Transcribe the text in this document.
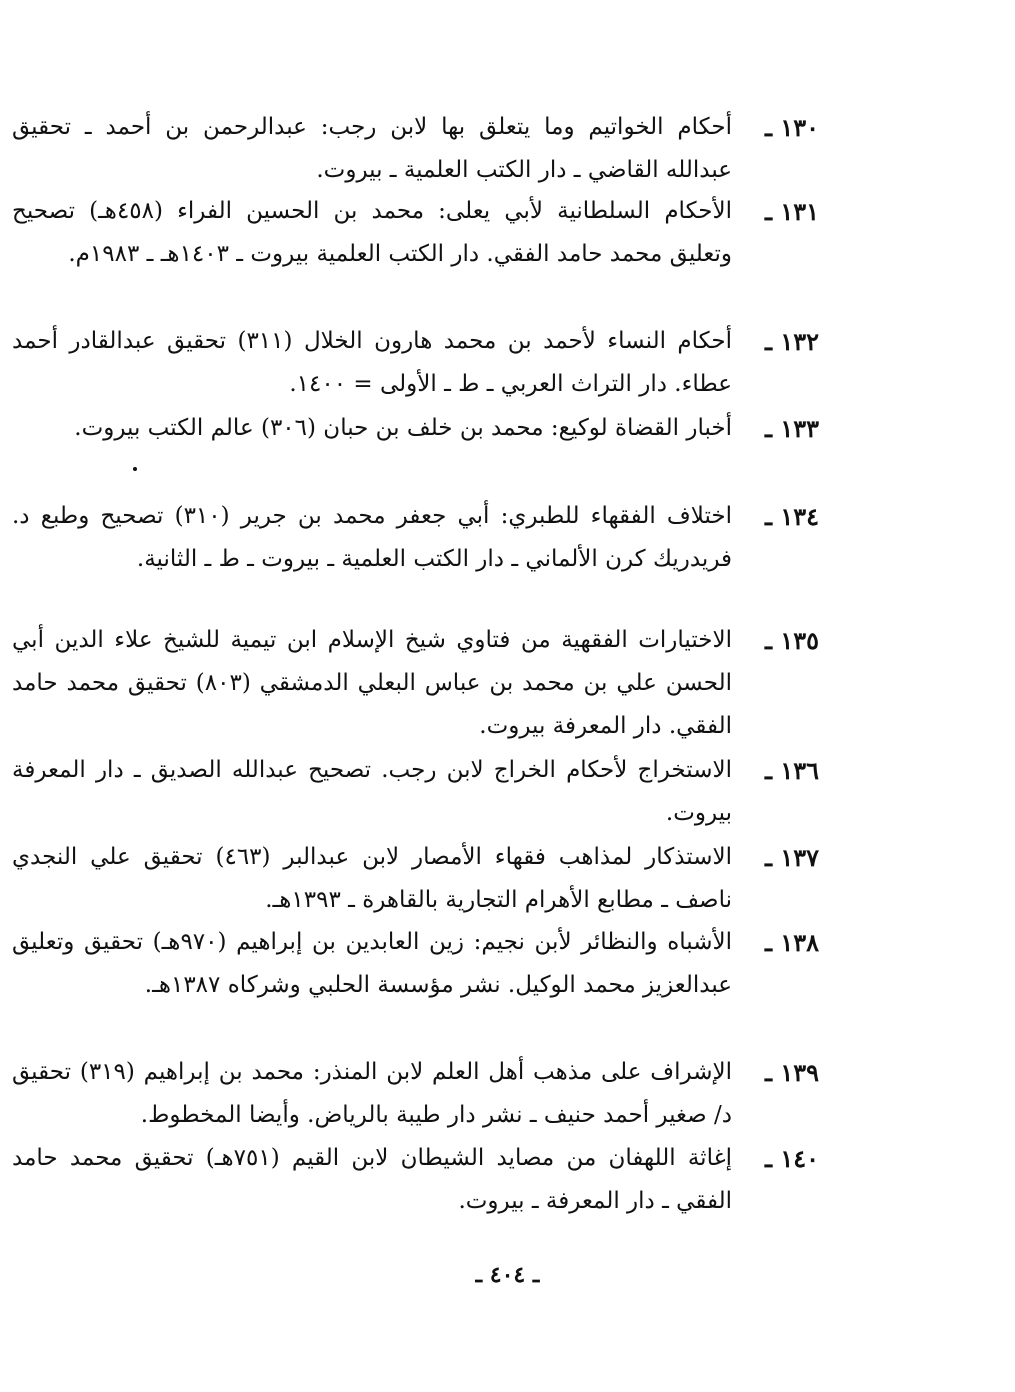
١٣٠ ـ
أحكام الخواتيم وما يتعلق بها لابن رجب: عبدالرحمن بن أحمد ـ تحقيق عبدالله القاضي ـ دار الكتب العلمية ـ بيروت.
١٣١ ـ
الأحكام السلطانية لأبي يعلى: محمد بن الحسين الفراء (٤٥٨هـ) تصحيح وتعليق محمد حامد الفقي. دار الكتب العلمية بيروت ـ ١٤٠٣هـ ـ ١٩٨٣م.
١٣٢ ـ
أحكام النساء لأحمد بن محمد هارون الخلال (٣١١) تحقيق عبدالقادر أحمد عطاء. دار التراث العربي ـ ط ـ الأولى = ١٤٠٠.
١٣٣ ـ
أخبار القضاة لوكيع: محمد بن خلف بن حبان (٣٠٦) عالم الكتب بيروت.
١٣٤ ـ
اختلاف الفقهاء للطبري: أبي جعفر محمد بن جرير (٣١٠) تصحيح وطبع د. فريدريك كرن الألماني ـ دار الكتب العلمية ـ بيروت ـ ط ـ الثانية.
١٣٥ ـ
الاختيارات الفقهية من فتاوي شيخ الإسلام ابن تيمية للشيخ علاء الدين أبي الحسن علي بن محمد بن عباس البعلي الدمشقي (٨٠٣) تحقيق محمد حامد الفقي. دار المعرفة بيروت.
١٣٦ ـ
الاستخراج لأحكام الخراج لابن رجب. تصحيح عبدالله الصديق ـ دار المعرفة بيروت.
١٣٧ ـ
الاستذكار لمذاهب فقهاء الأمصار لابن عبدالبر (٤٦٣) تحقيق علي النجدي ناصف ـ مطابع الأهرام التجارية بالقاهرة ـ ١٣٩٣هـ.
١٣٨ ـ
الأشباه والنظائر لأبن نجيم: زين العابدين بن إبراهيم (٩٧٠هـ) تحقيق وتعليق عبدالعزيز محمد الوكيل. نشر مؤسسة الحلبي وشركاه ١٣٨٧هـ.
١٣٩ ـ
الإشراف على مذهب أهل العلم لابن المنذر: محمد بن إبراهيم (٣١٩) تحقيق د/ صغير أحمد حنيف ـ نشر دار طيبة بالرياض. وأيضا المخطوط.
١٤٠ ـ
إغاثة اللهفان من مصايد الشيطان لابن القيم (٧٥١هـ) تحقيق محمد حامد الفقي ـ دار المعرفة ـ بيروت.
ـ ٤٠٤ ـ
